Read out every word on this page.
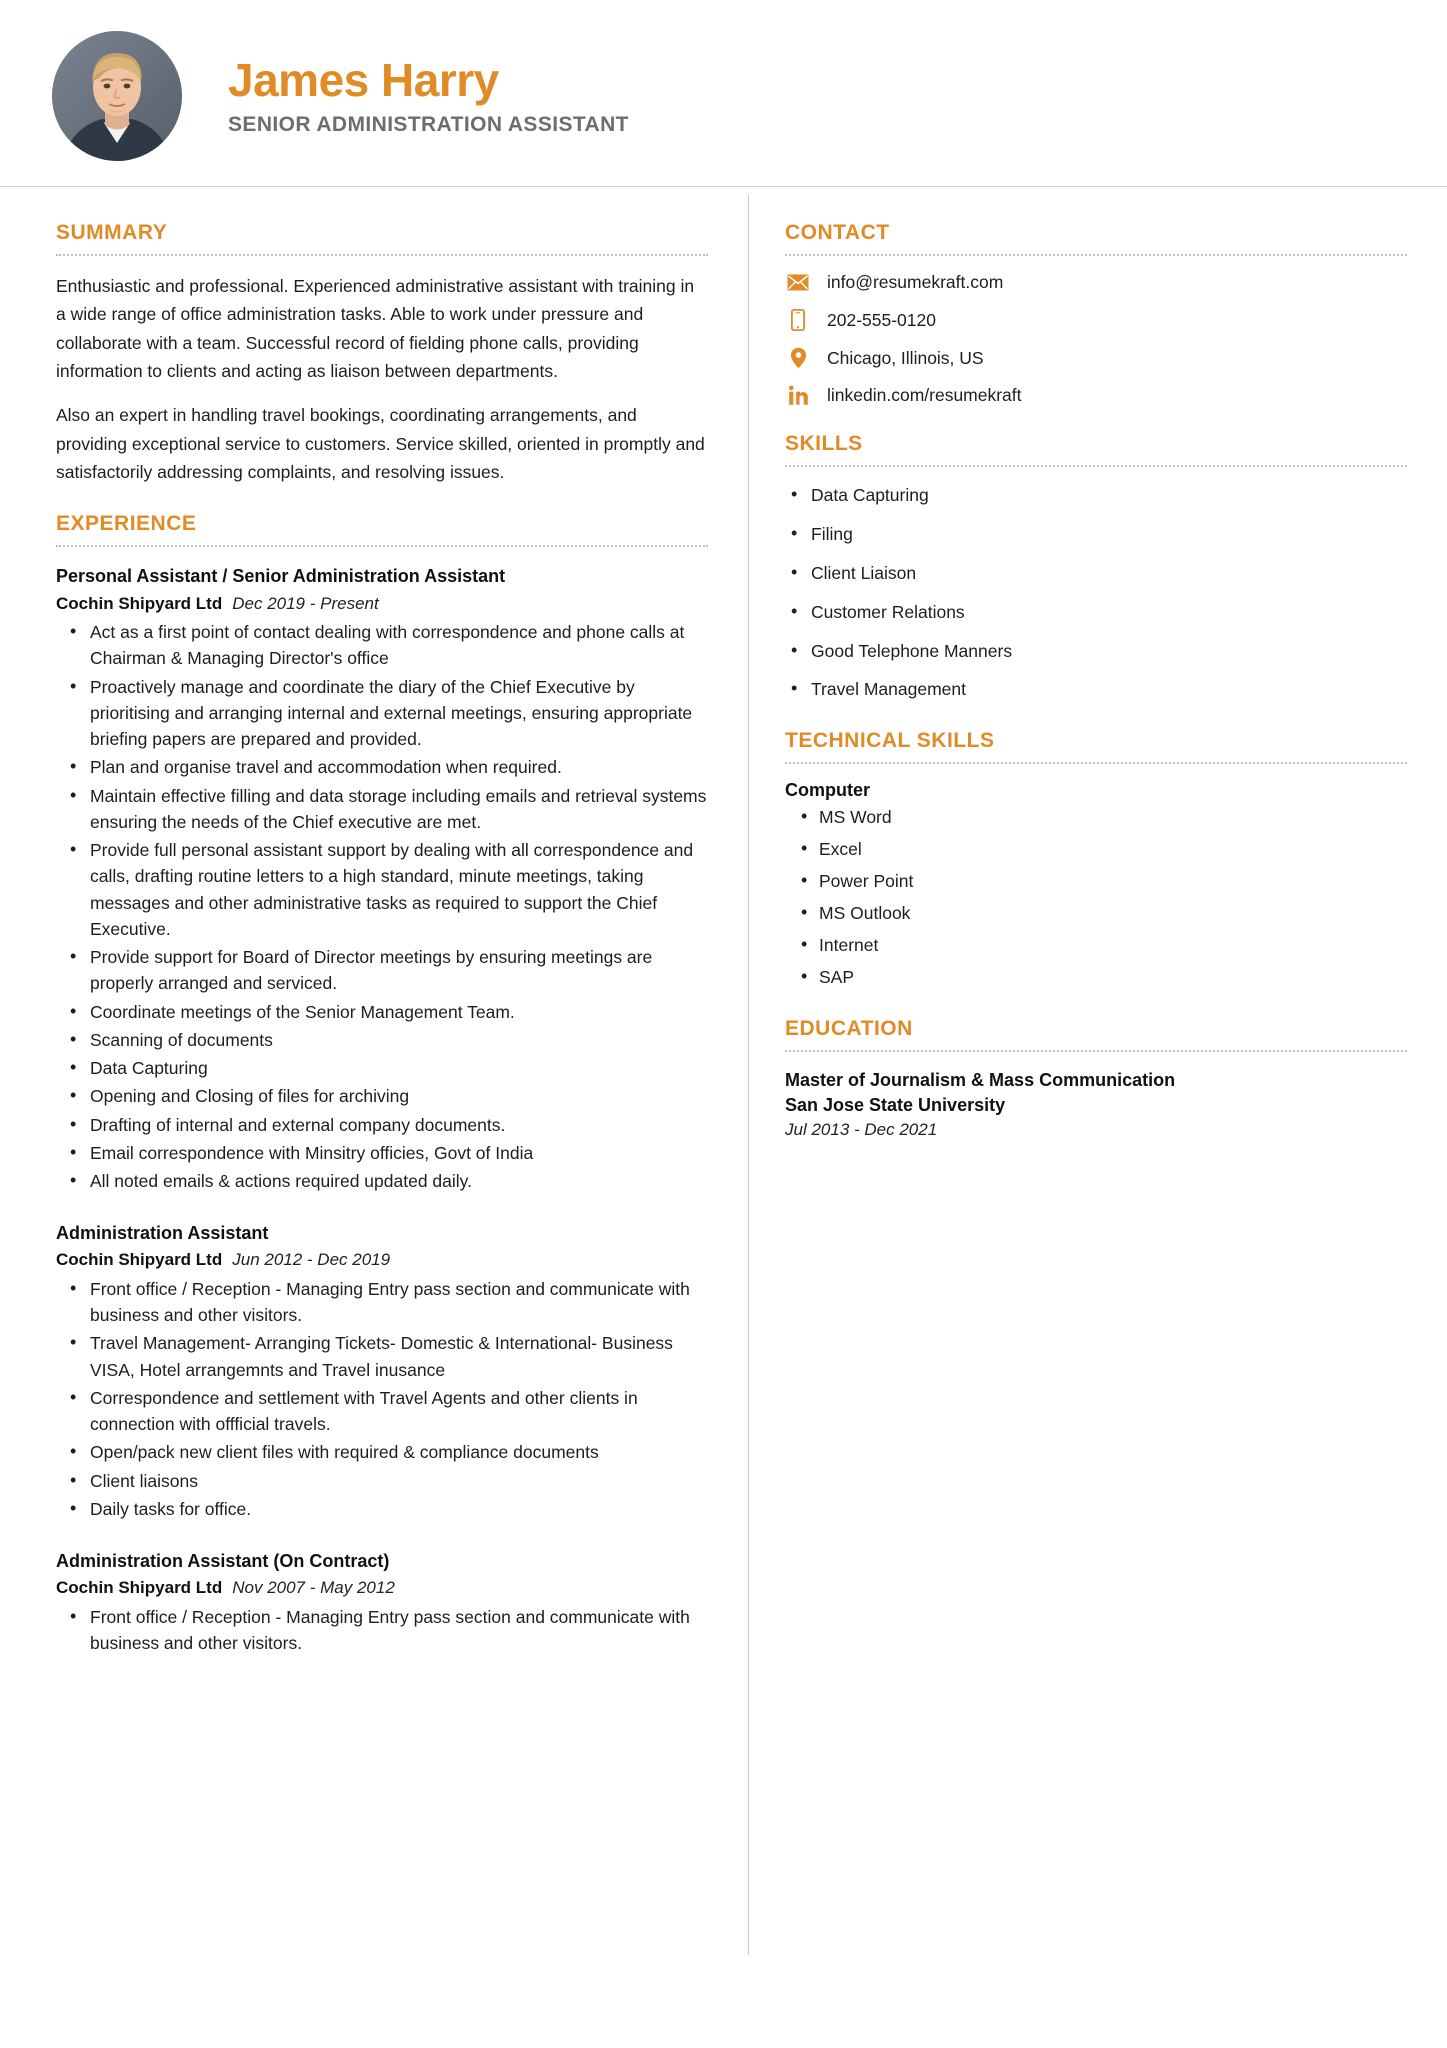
James Harry
SENIOR ADMINISTRATION ASSISTANT
SUMMARY

Enthusiastic and professional. Experienced administrative assistant with training in a wide range of office administration tasks. Able to work under pressure and collaborate with a team. Successful record of fielding phone calls, providing information to clients and acting as liaison between departments.

Also an expert in handling travel bookings, coordinating arrangements, and providing exceptional service to customers. Service skilled, oriented in promptly and satisfactorily addressing complaints, and resolving issues.

EXPERIENCE
Personal Assistant / Senior Administration Assistant
Cochin Shipyard Ltd Dec 2019 - Present
• Act as a first point of contact dealing with correspondence and phone calls at Chairman & Managing Director's office
• Proactively manage and coordinate the diary of the Chief Executive by prioritising and arranging internal and external meetings, ensuring appropriate briefing papers are prepared and provided.
• Plan and organise travel and accommodation when required.
• Maintain effective filling and data storage including emails and retrieval systems ensuring the needs of the Chief executive are met.
• Provide full personal assistant support by dealing with all correspondence and calls, drafting routine letters to a high standard, minute meetings, taking messages and other administrative tasks as required to support the Chief Executive.
• Provide support for Board of Director meetings by ensuring meetings are properly arranged and serviced.
• Coordinate meetings of the Senior Management Team.
• Scanning of documents
• Data Capturing
• Opening and Closing of files for archiving
• Drafting of internal and external company documents.
• Email correspondence with Minsitry officies, Govt of India
• All noted emails & actions required updated daily.
Administration Assistant
Cochin Shipyard Ltd Jun 2012 - Dec 2019
• Front office / Reception - Managing Entry pass section and communicate with business and other visitors.
• Travel Management- Arranging Tickets- Domestic & International- Business VISA, Hotel arrangemnts and Travel inusance
• Correspondence and settlement with Travel Agents and other clients in connection with offficial travels.
• Open/pack new client files with required & compliance documents
• Client liaisons
• Daily tasks for office.
Administration Assistant (On Contract)
Cochin Shipyard Ltd Nov 2007 - May 2012
• Front office / Reception - Managing Entry pass section and communicate with business and other visitors.
CONTACT
info@resumekraft.com
202-555-0120
Chicago, Illinois, US
linkedin.com/resumekraft
SKILLS
• Data Capturing
• Filing
• Client Liaison
• Customer Relations
• Good Telephone Manners
• Travel Management
TECHNICAL SKILLS
Computer
• MS Word
• Excel
• Power Point
• MS Outlook
• Internet
• SAP
EDUCATION
Master of Journalism & Mass Communication
San Jose State University
Jul 2013 - Dec 2021
